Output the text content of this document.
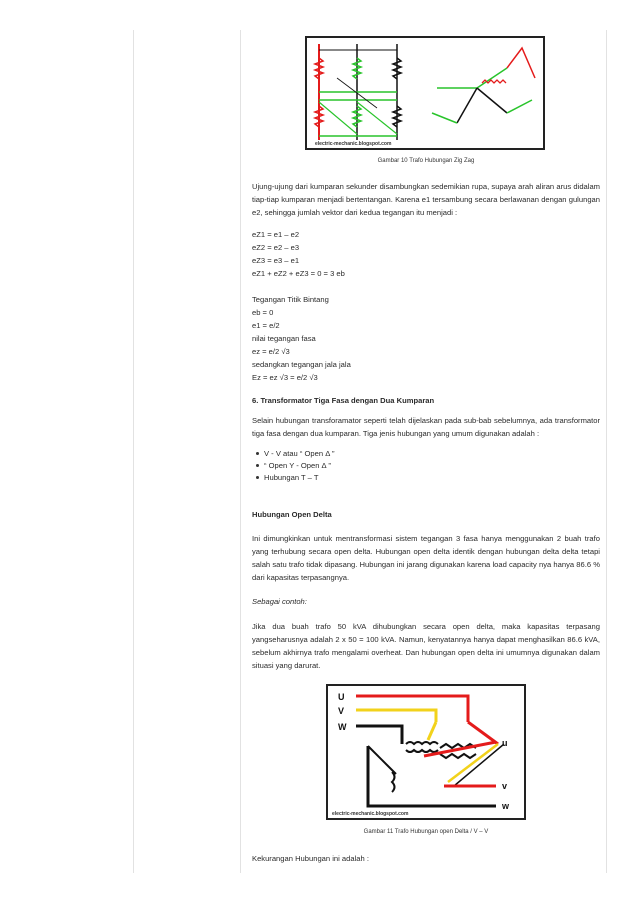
electric-mechanic.blogspot.com
Gambar 10 Trafo Hubungan Zig Zag

Ujung-ujung dari kumparan sekunder disambungkan sedemikian rupa, supaya arah aliran arus didalam tiap-tiap kumparan menjadi bertentangan. Karena e1 tersambung secara berlawanan dengan gulungan e2, sehingga jumlah vektor dari kedua tegangan itu menjadi :

eZ1 = e1 – e2
eZ2 = e2 – e3
eZ3 = e3 – e1
eZ1 + eZ2 + eZ3 = 0 = 3 eb
Tegangan Titik Bintang
eb = 0
e1 = e/2
nilai tegangan fasa
ez = e/2 √3
sedangkan tegangan jala jala
Ez = ez √3 = e/2 √3
6. Transformator Tiga Fasa dengan Dua Kumparan

Selain hubungan transforamator seperti telah dijelaskan pada sub-bab sebelumnya, ada transformator tiga fasa dengan dua kumparan. Tiga jenis hubungan yang umum digunakan adalah :

V - V atau “ Open Δ ”
“ Open Y - Open Δ ”
Hubungan T – T
Hubungan Open Delta

Ini dimungkinkan untuk mentransformasi sistem tegangan 3 fasa hanya menggunakan 2 buah trafo yang terhubung secara open delta. Hubungan open delta identik dengan hubungan delta delta tetapi salah satu trafo tidak dipasang. Hubungan ini jarang digunakan karena load capacity nya hanya 86.6 % dari kapasitas terpasangnya.

Sebagai contoh:

Jika dua buah trafo 50 kVA dihubungkan secara open delta, maka kapasitas terpasang yangseharusnya adalah 2 x 50 = 100 kVA. Namun, kenyatannya hanya dapat menghasilkan 86.6 kVA, sebelum akhirnya trafo mengalami overheat. Dan hubungan open delta ini umumnya digunakan dalam situasi yang darurat.

U
V
W
u
v
w
electric-mechanic.blogspot.com
Gambar 11 Trafo Hubungan open Delta / V – V
Kekurangan Hubungan ini adalah :
